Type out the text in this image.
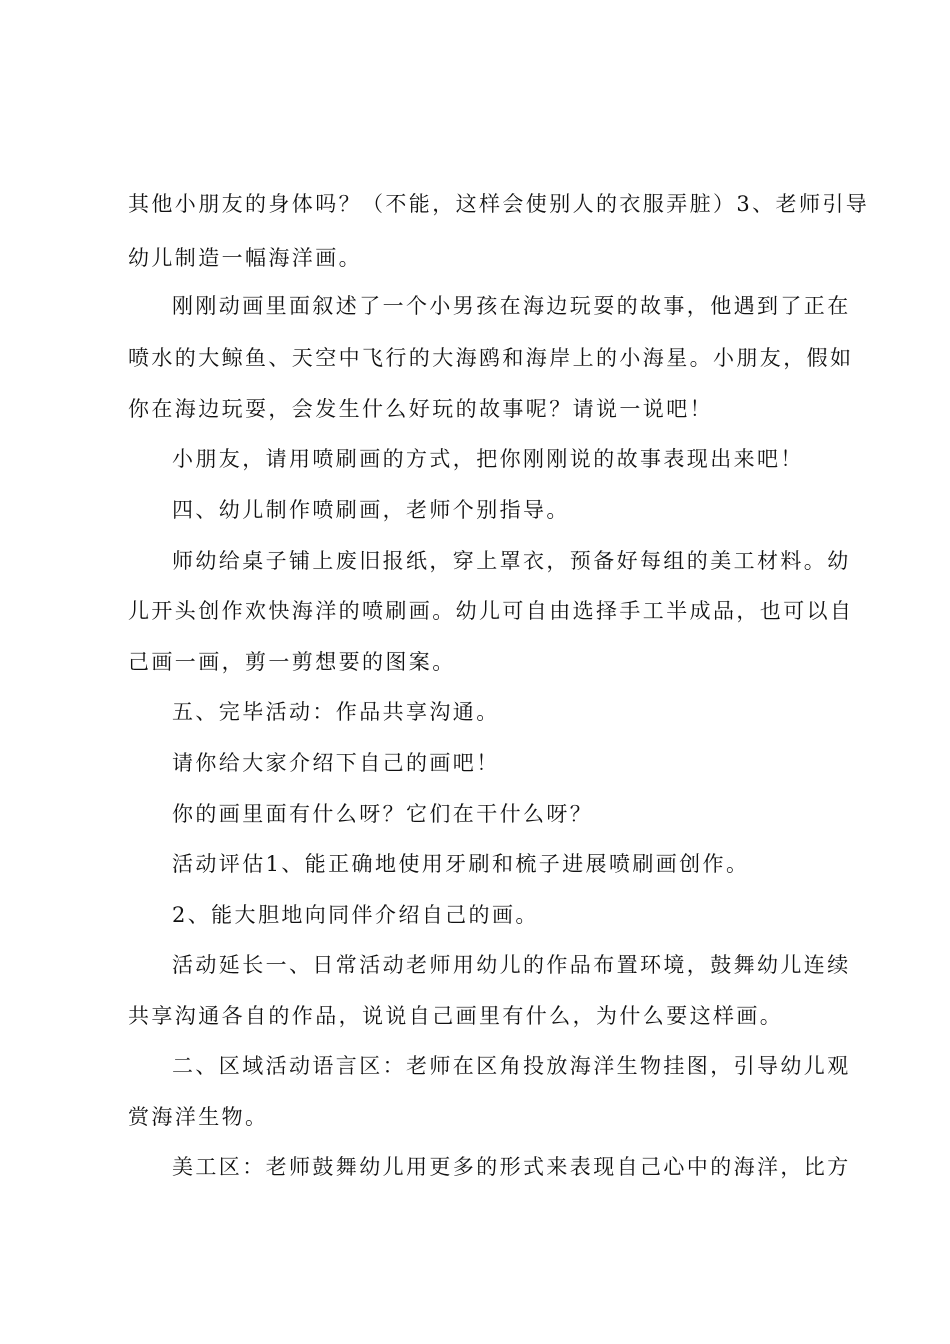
其他小朋友的身体吗？（不能，这样会使别人的衣服弄脏）3、老师引导
幼儿制造一幅海洋画。
刚刚动画里面叙述了一个小男孩在海边玩耍的故事，他遇到了正在
喷水的大鲸鱼、天空中飞行的大海鸥和海岸上的小海星。小朋友，假如
你在海边玩耍，会发生什么好玩的故事呢？请说一说吧！
小朋友，请用喷刷画的方式，把你刚刚说的故事表现出来吧！
四、幼儿制作喷刷画，老师个别指导。
师幼给桌子铺上废旧报纸，穿上罩衣，预备好每组的美工材料。幼
儿开头创作欢快海洋的喷刷画。幼儿可自由选择手工半成品，也可以自
己画一画，剪一剪想要的图案。
五、完毕活动：作品共享沟通。
请你给大家介绍下自己的画吧！
你的画里面有什么呀？它们在干什么呀？
活动评估1、能正确地使用牙刷和梳子进展喷刷画创作。
2、能大胆地向同伴介绍自己的画。
活动延长一、日常活动老师用幼儿的作品布置环境，鼓舞幼儿连续
共享沟通各自的作品，说说自己画里有什么，为什么要这样画。
二、区域活动语言区：老师在区角投放海洋生物挂图，引导幼儿观
赏海洋生物。
美工区：老师鼓舞幼儿用更多的形式来表现自己心中的海洋，比方
